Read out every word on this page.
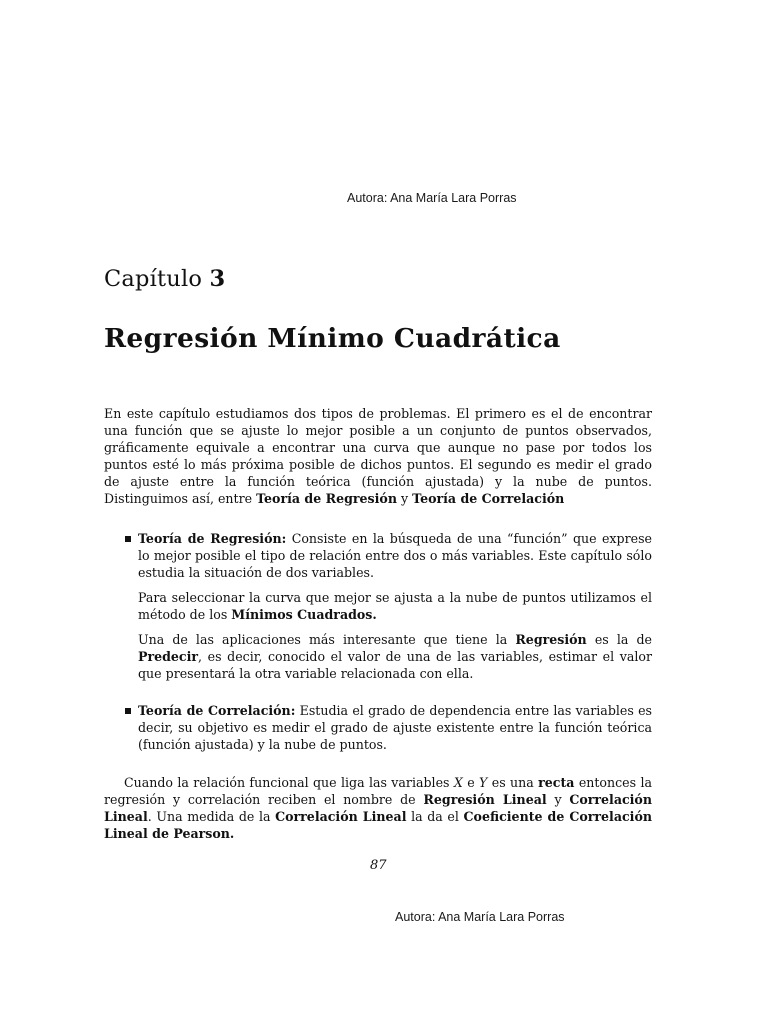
Autora: Ana María Lara Porras
Capítulo 3
Regresión Mínimo Cuadrática

En este capítulo estudiamos dos tipos de problemas. El primero es el de encontrar una función que se ajuste lo mejor posible a un conjunto de puntos observados, gráficamente equivale a encontrar una curva que aunque no pase por todos los puntos esté lo más próxima posible de dichos puntos. El segundo es medir el grado de ajuste entre la función teórica (función ajustada) y la nube de puntos. Distinguimos así, entre Teoría de Regresión y Teoría de Correlación

Teoría de Regresión: Consiste en la búsqueda de una “función” que exprese lo mejor posible el tipo de relación entre dos o más variables. Este capítulo sólo estudia la situación de dos variables.

Para seleccionar la curva que mejor se ajusta a la nube de puntos utilizamos el método de los Mínimos Cuadrados.

Una de las aplicaciones más interesante que tiene la Regresión es la de Predecir, es decir, conocido el valor de una de las variables, estimar el valor que presentará la otra variable relacionada con ella.

Teoría de Correlación: Estudia el grado de dependencia entre las variables es decir, su objetivo es medir el grado de ajuste existente entre la función teórica (función ajustada) y la nube de puntos.

Cuando la relación funcional que liga las variables X e Y es una recta entonces la regresión y correlación reciben el nombre de Regresión Lineal y Correlación Lineal. Una medida de la Correlación Lineal la da el Coeficiente de Correlación Lineal de Pearson.

87
Autora: Ana María Lara Porras
